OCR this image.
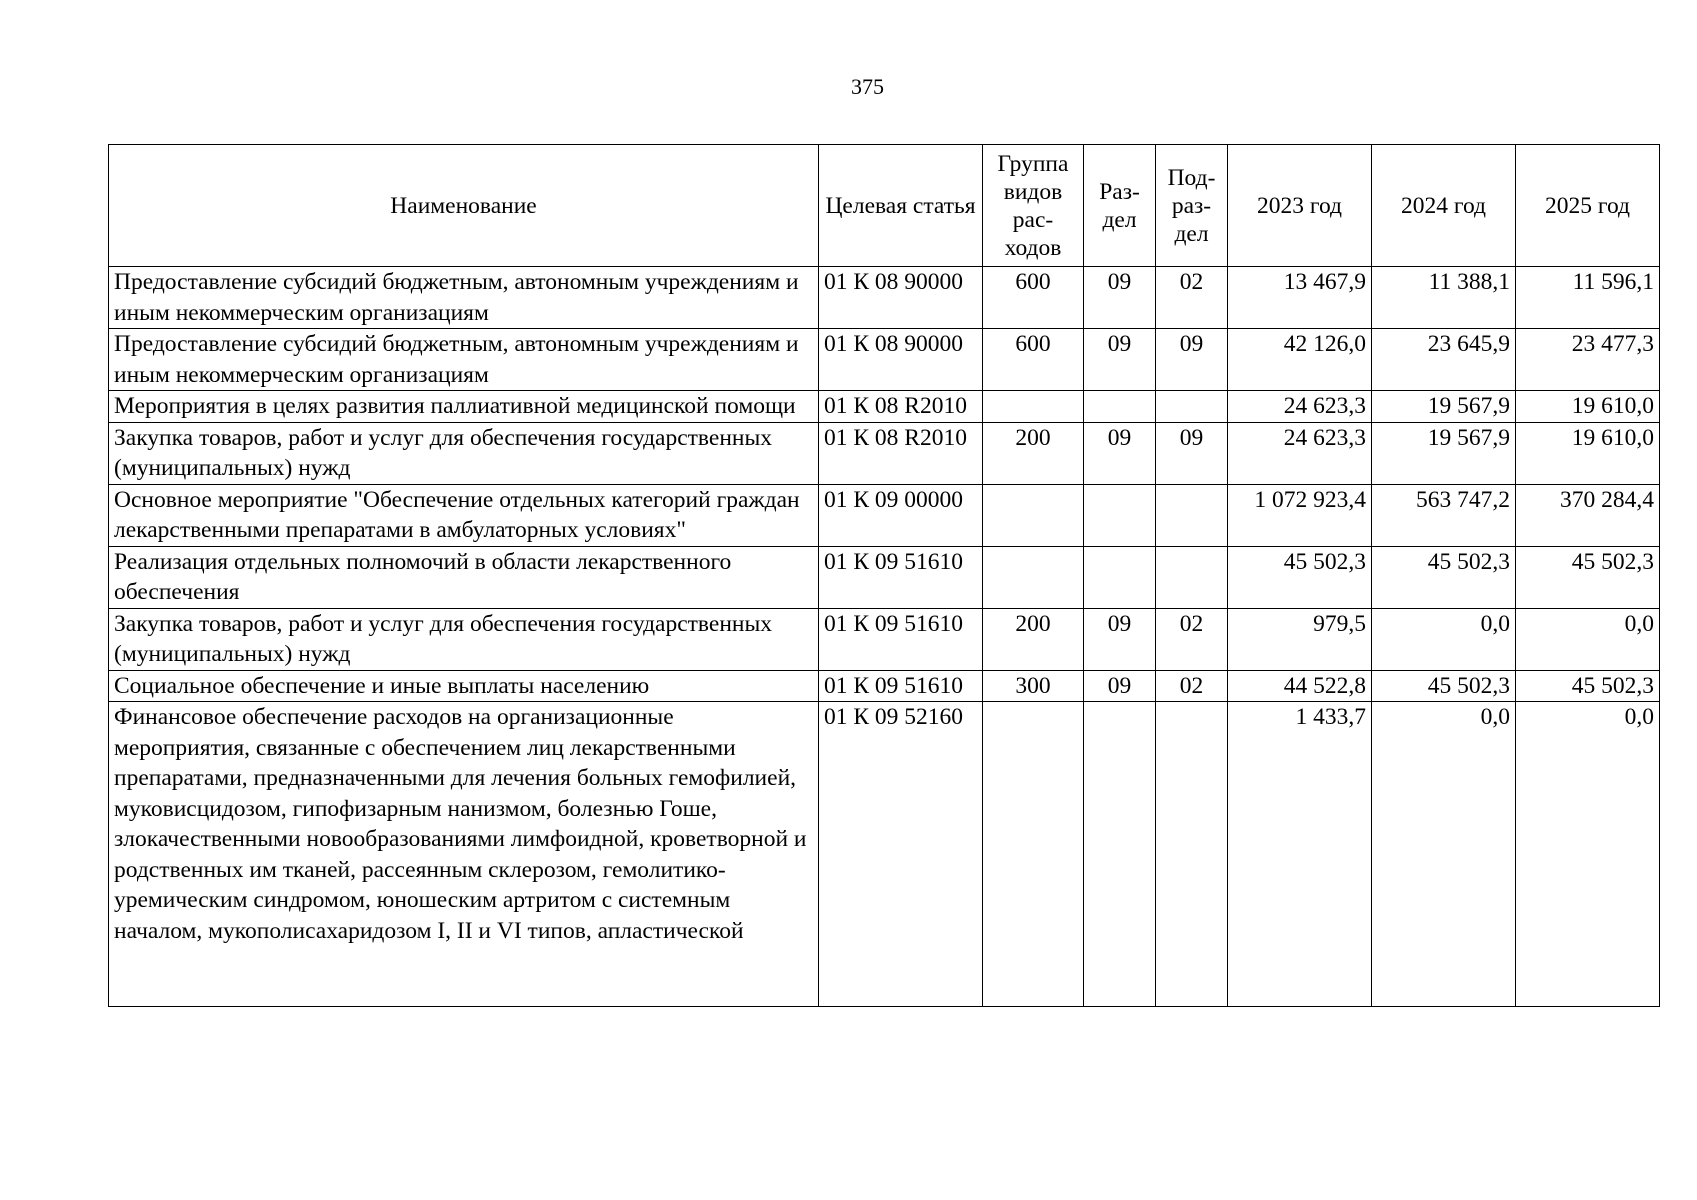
375
Наименование	Целевая статья	Группа видов рас-ходов	Раз-дел	Под-раз-дел	2023 год	2024 год	2025 год
Предоставление субсидий бюджетным, автономным учреждениям и иным некоммерческим организациям	01 К 08 90000	600	09	02	13 467,9	11 388,1	11 596,1
Предоставление субсидий бюджетным, автономным учреждениям и иным некоммерческим организациям	01 К 08 90000	600	09	09	42 126,0	23 645,9	23 477,3
Мероприятия в целях развития паллиативной медицинской помощи	01 К 08 R2010				24 623,3	19 567,9	19 610,0
Закупка товаров, работ и услуг для обеспечения государственных (муниципальных) нужд	01 К 08 R2010	200	09	09	24 623,3	19 567,9	19 610,0
Основное мероприятие "Обеспечение отдельных категорий граждан лекарственными препаратами в амбулаторных условиях"	01 К 09 00000				1 072 923,4	563 747,2	370 284,4
Реализация отдельных полномочий в области лекарственного обеспечения	01 К 09 51610				45 502,3	45 502,3	45 502,3
Закупка товаров, работ и услуг для обеспечения государственных (муниципальных) нужд	01 К 09 51610	200	09	02	979,5	0,0	0,0
Социальное обеспечение и иные выплаты населению	01 К 09 51610	300	09	02	44 522,8	45 502,3	45 502,3
Финансовое обеспечение расходов на организационные мероприятия, связанные с обеспечением лиц лекарственными препаратами, предназначенными для лечения больных гемофилией, муковисцидозом, гипофизарным нанизмом, болезнью Гоше, злокачественными новообразованиями лимфоидной, кроветворной и родственных им тканей, рассеянным склерозом, гемолитико-уремическим синдромом, юношеским артритом с системным началом, мукополисахаридозом I, II и VI типов, апластической	01 К 09 52160				1 433,7	0,0	0,0
